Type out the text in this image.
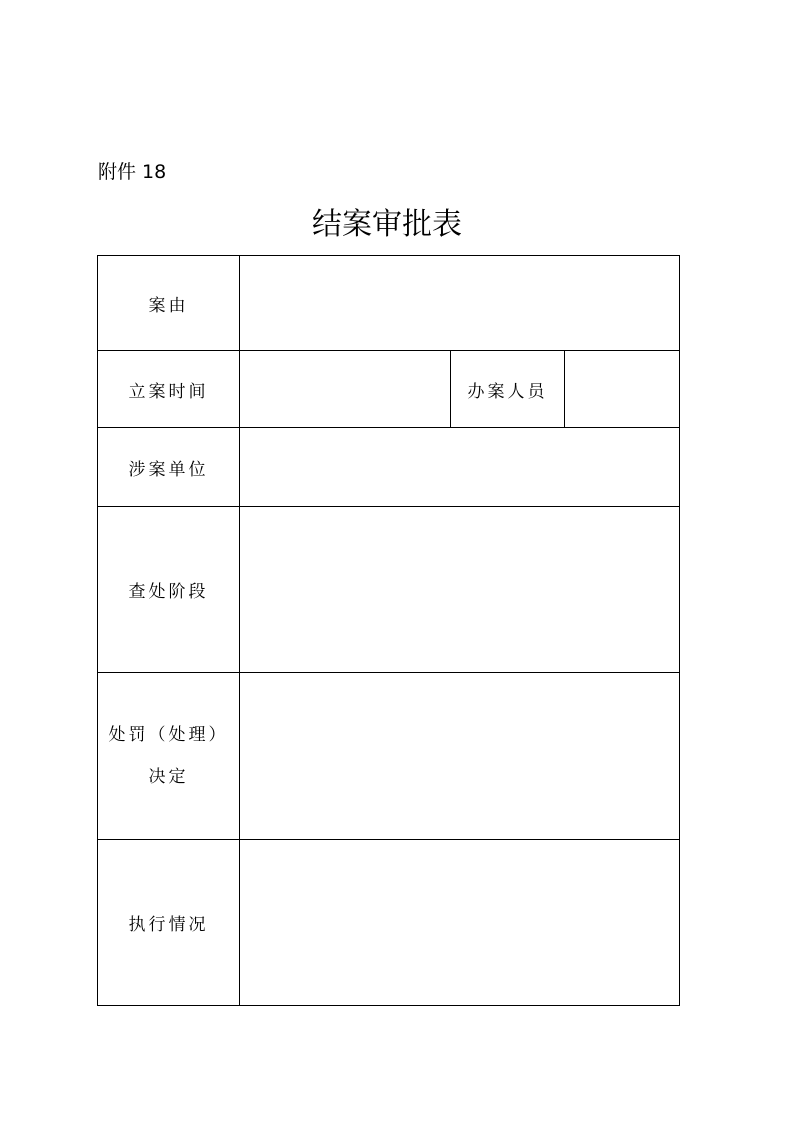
附件 18
结案审批表
案由			
立案时间		办案人员	
涉案单位			
查处阶段			

处罚（处理）
决定			

执行情况			
